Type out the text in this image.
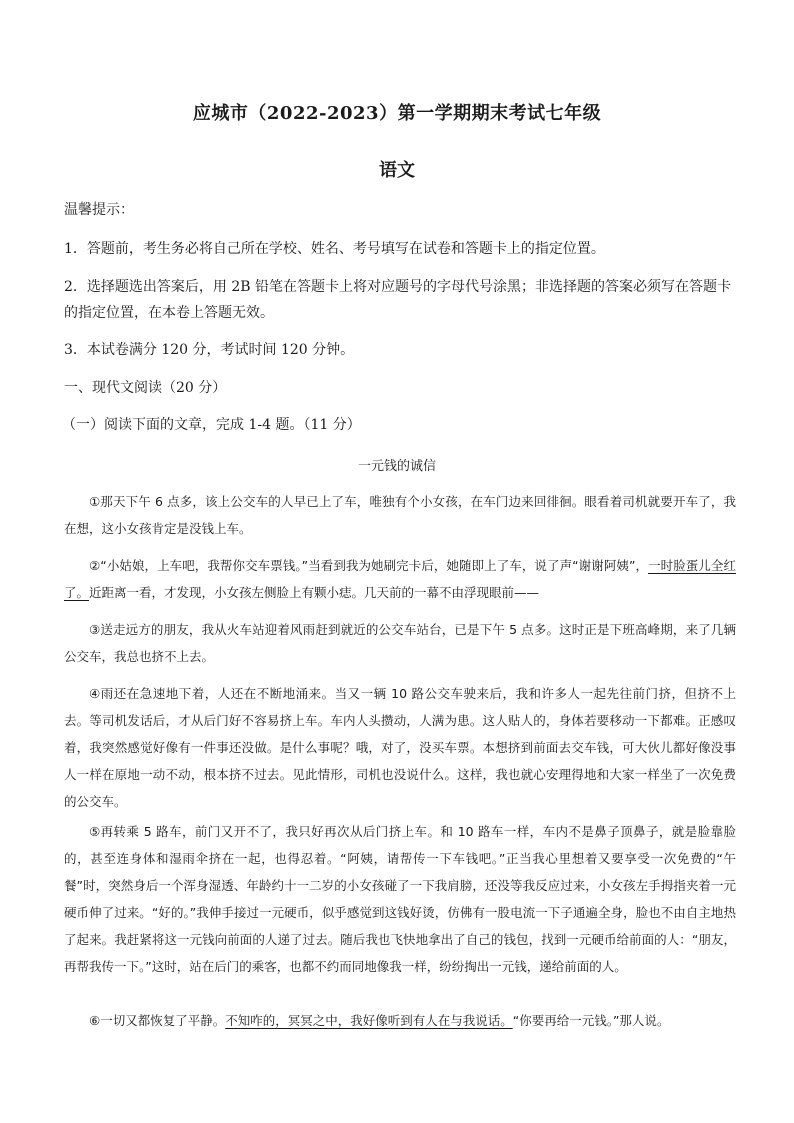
应城市（2022-2023）第一学期期末考试七年级
语文
温馨提示：
1．答题前，考生务必将自己所在学校、姓名、考号填写在试卷和答题卡上的指定位置。
2．选择题选出答案后，用 2B 铅笔在答题卡上将对应题号的字母代号涂黑；非选择题的答案必须写在答题卡的指定位置，在本卷上答题无效。
3．本试卷满分 120 分，考试时间 120 分钟。
一、现代文阅读（20 分）
（一）阅读下面的文章，完成 1-4 题。（11 分）
一元钱的诚信
①那天下午 6 点多，该上公交车的人早已上了车，唯独有个小女孩，在车门边来回徘徊。眼看着司机就要开车了，我在想，这小女孩肯定是没钱上车。
②“小姑娘，上车吧，我帮你交车票钱。”当看到我为她刷完卡后，她随即上了车，说了声“谢谢阿姨”，一时脸蛋儿全红了。近距离一看，才发现，小女孩左侧脸上有颗小痣。几天前的一幕不由浮现眼前——
③送走远方的朋友，我从火车站迎着风雨赶到就近的公交车站台，已是下午 5 点多。这时正是下班高峰期，来了几辆公交车，我总也挤不上去。
④雨还在急速地下着，人还在不断地涌来。当又一辆 10 路公交车驶来后，我和许多人一起先往前门挤，但挤不上去。等司机发话后，才从后门好不容易挤上车。车内人头攒动，人满为患。这人贴人的，身体若要移动一下都难。正感叹着，我突然感觉好像有一件事还没做。是什么事呢？哦，对了，没买车票。本想挤到前面去交车钱，可大伙儿都好像没事人一样在原地一动不动，根本挤不过去。见此情形，司机也没说什么。这样，我也就心安理得地和大家一样坐了一次免费的公交车。
⑤再转乘 5 路车，前门又开不了，我只好再次从后门挤上车。和 10 路车一样，车内不是鼻子顶鼻子，就是脸靠脸的，甚至连身体和湿雨伞挤在一起，也得忍着。“阿姨，请帮传一下车钱吧。”正当我心里想着又要享受一次免费的“午餐”时，突然身后一个浑身湿透、年龄约十一二岁的小女孩碰了一下我肩膀，还没等我反应过来，小女孩左手拇指夹着一元硬币伸了过来。“好的。”我伸手接过一元硬币，似乎感觉到这钱好烫，仿佛有一股电流一下子通遍全身，脸也不由自主地热了起来。我赶紧将这一元钱向前面的人递了过去。随后我也飞快地拿出了自己的钱包，找到一元硬币给前面的人：“朋友，再帮我传一下。”这时，站在后门的乘客，也都不约而同地像我一样，纷纷掏出一元钱，递给前面的人。
⑥一切又都恢复了平静。不知咋的，冥冥之中，我好像听到有人在与我说话。“你要再给一元钱。”那人说。
